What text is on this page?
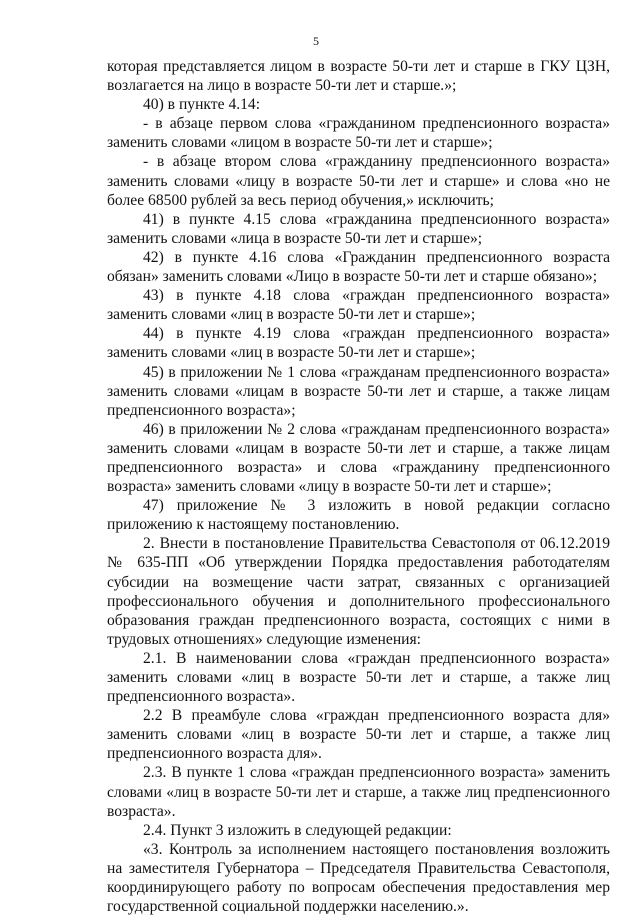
5

которая представляется лицом в возрасте 50-ти лет и старше в ГКУ ЦЗН, возлагается на лицо в возрасте 50-ти лет и старше.»;

40) в пункте 4.14:

- в абзаце первом слова «гражданином предпенсионного возраста» заменить словами «лицом в возрасте 50-ти лет и старше»;

- в абзаце втором слова «гражданину предпенсионного возраста» заменить словами «лицу в возрасте 50-ти лет и старше» и слова «но не более 68500 рублей за весь период обучения,» исключить;

41) в пункте 4.15 слова «гражданина предпенсионного возраста» заменить словами «лица в возрасте 50-ти лет и старше»;

42) в пункте 4.16 слова «Гражданин предпенсионного возраста обязан» заменить словами «Лицо в возрасте 50-ти лет и старше обязано»;

43) в пункте 4.18 слова «граждан предпенсионного возраста» заменить словами «лиц в возрасте 50-ти лет и старше»;

44) в пункте 4.19 слова «граждан предпенсионного возраста» заменить словами «лиц в возрасте 50-ти лет и старше»;

45) в приложении № 1 слова «гражданам предпенсионного возраста» заменить словами «лицам в возрасте 50-ти лет и старше, а также лицам предпенсионного возраста»;

46) в приложении № 2 слова «гражданам предпенсионного возраста» заменить словами «лицам в возрасте 50-ти лет и старше, а также лицам предпенсионного возраста» и слова «гражданину предпенсионного возраста» заменить словами «лицу в возрасте 50-ти лет и старше»;

47) приложение № 3 изложить в новой редакции согласно приложению к настоящему постановлению.

2. Внести в постановление Правительства Севастополя от 06.12.2019 № 635-ПП «Об утверждении Порядка предоставления работодателям субсидии на возмещение части затрат, связанных с организацией профессионального обучения и дополнительного профессионального образования граждан предпенсионного возраста, состоящих с ними в трудовых отношениях» следующие изменения:

2.1. В наименовании слова «граждан предпенсионного возраста» заменить словами «лиц в возрасте 50-ти лет и старше, а также лиц предпенсионного возраста».

2.2 В преамбуле слова «граждан предпенсионного возраста для» заменить словами «лиц в возрасте 50-ти лет и старше, а также лиц предпенсионного возраста для».

2.3. В пункте 1 слова «граждан предпенсионного возраста» заменить словами «лиц в возрасте 50-ти лет и старше, а также лиц предпенсионного возраста».

2.4. Пункт 3 изложить в следующей редакции:

«3. Контроль за исполнением настоящего постановления возложить на заместителя Губернатора – Председателя Правительства Севастополя, координирующего работу по вопросам обеспечения предоставления мер государственной социальной поддержки населению.».
